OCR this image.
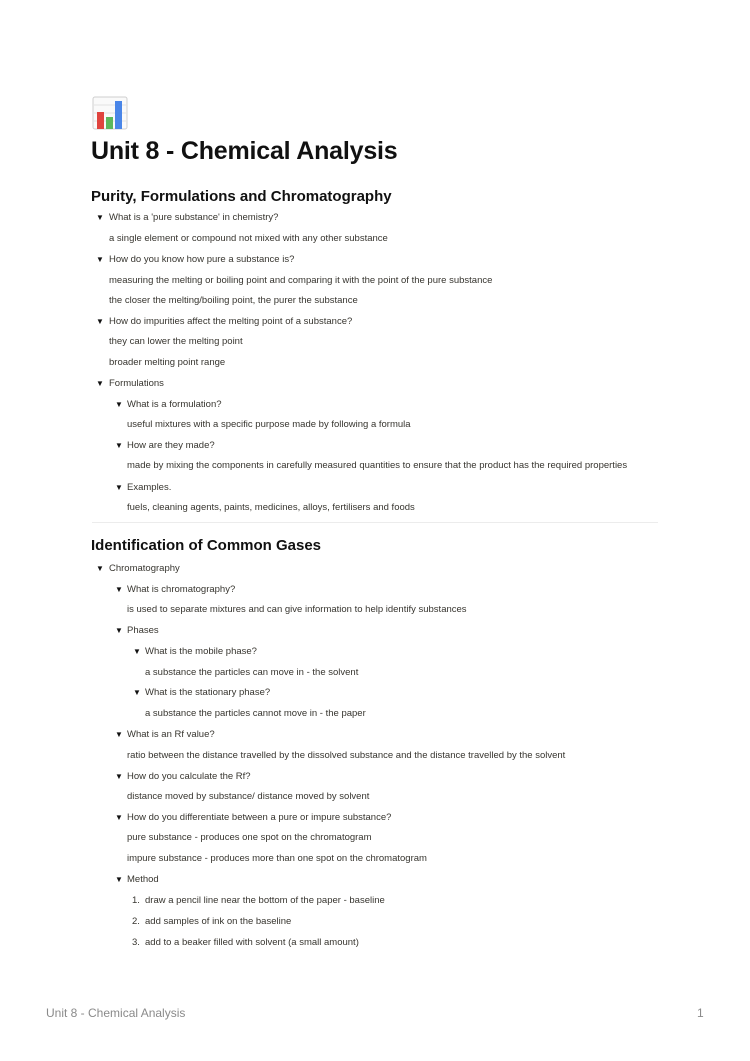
Unit 8 - Chemical Analysis
Purity, Formulations and Chromatography
▼ What is a 'pure substance' in chemistry?
a single element or compound not mixed with any other substance
▼ How do you know how pure a substance is?
measuring the melting or boiling point and comparing it with the point of the pure substance
the closer the melting/boiling point, the purer the substance
▼ How do impurities affect the melting point of a substance?
they can lower the melting point
broader melting point range
▼ Formulations
▼ What is a formulation?
useful mixtures with a specific purpose made by following a formula
▼ How are they made?
made by mixing the components in carefully measured quantities to ensure that the product has the required properties
▼ Examples.
fuels, cleaning agents, paints, medicines, alloys, fertilisers and foods
Identification of Common Gases
▼ Chromatography
▼ What is chromatography?
is used to separate mixtures and can give information to help identify substances
▼ Phases
▼ What is the mobile phase?
a substance the particles can move in - the solvent
▼ What is the stationary phase?
a substance the particles cannot move in - the paper
▼ What is an Rf value?
ratio between the distance travelled by the dissolved substance and the distance travelled by the solvent
▼ How do you calculate the Rf?
distance moved by substance/ distance moved by solvent
▼ How do you differentiate between a pure or impure substance?
pure substance - produces one spot on the chromatogram
impure substance - produces more than one spot on the chromatogram
▼ Method
1. draw a pencil line near the bottom of the paper - baseline
2. add samples of ink on the baseline
3. add to a beaker filled with solvent (a small amount)
Unit 8 - Chemical Analysis	1
